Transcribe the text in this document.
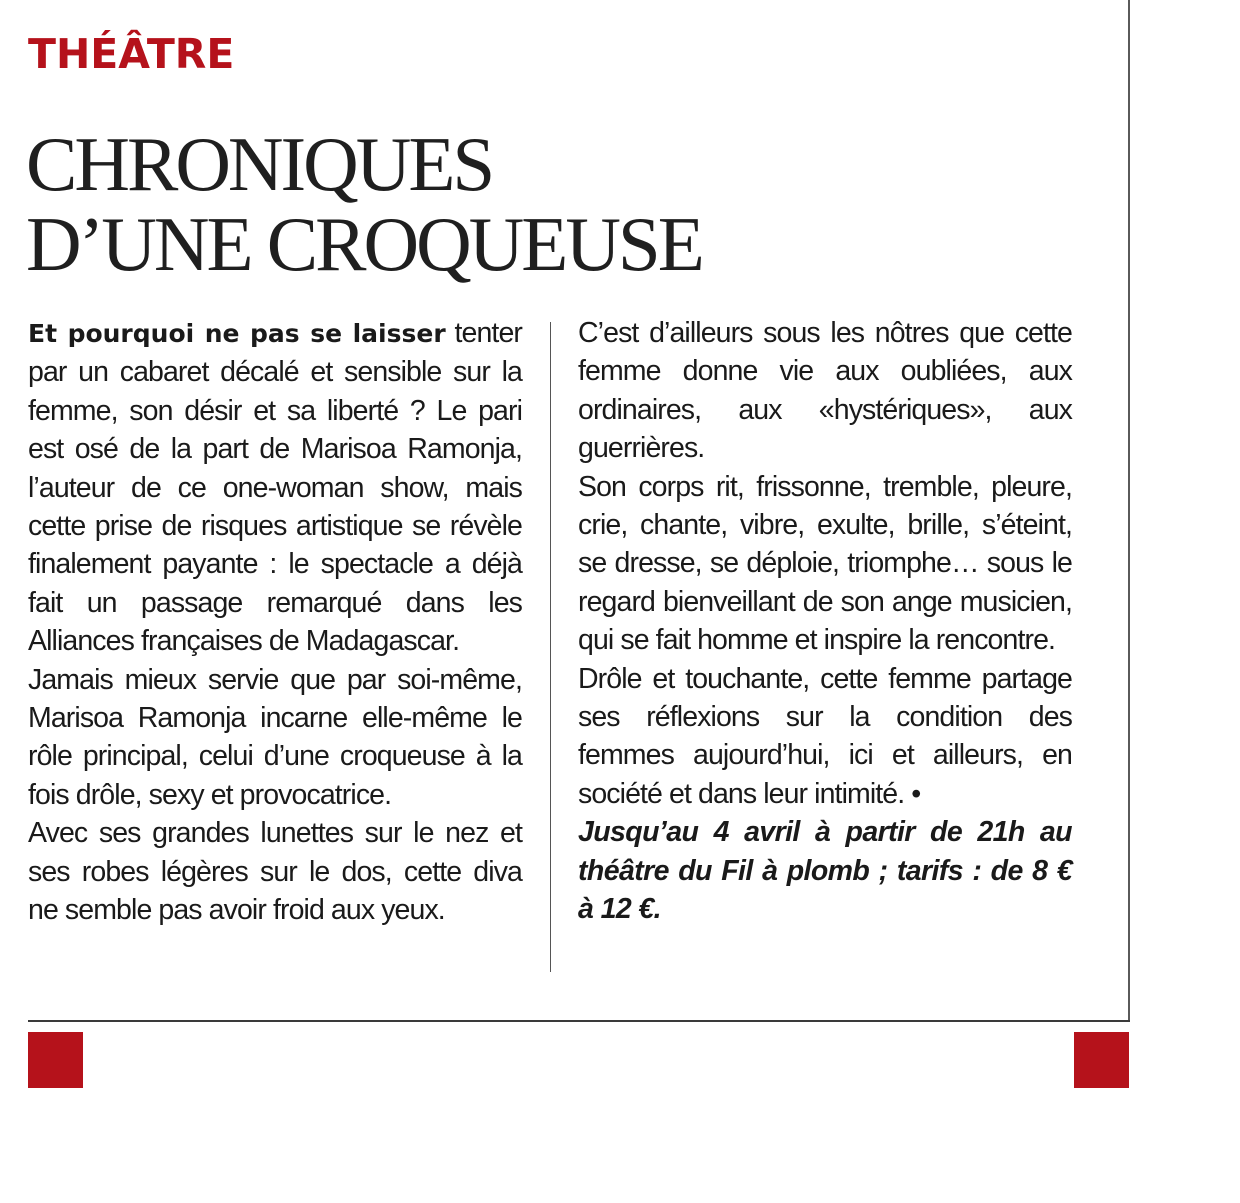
THÉÂTRE
CHRONIQUES
D’UNE CROQUEUSE

Et pourquoi ne pas se laisser tenter par un cabaret décalé et sensible sur la femme, son désir et sa liberté ? Le pari est osé de la part de Marisoa Ramonja, l’auteur de ce one-woman show, mais cette prise de risques artistique se révèle finalement payante : le spectacle a déjà fait un passage remarqué dans les Alliances françaises de Madagascar.

Jamais mieux servie que par soi-même, Marisoa Ramonja incarne elle-même le rôle principal, celui d’une croqueuse à la fois drôle, sexy et provocatrice.

Avec ses grandes lunettes sur le nez et ses robes légères sur le dos, cette diva ne semble pas avoir froid aux yeux.

C’est d’ailleurs sous les nôtres que cette femme donne vie aux oubliées, aux ordinaires, aux «hystériques», aux guerrières.

Son corps rit, frissonne, tremble, pleure, crie, chante, vibre, exulte, brille, s’éteint, se dresse, se déploie, triomphe… sous le regard bienveillant de son ange musicien, qui se fait homme et inspire la rencontre.

Drôle et touchante, cette femme partage ses réflexions sur la condition des femmes aujourd’hui, ici et ailleurs, en société et dans leur intimité. •

Jusqu’au 4 avril à partir de 21h au théâtre du Fil à plomb ; tarifs : de 8 € à 12 €.
